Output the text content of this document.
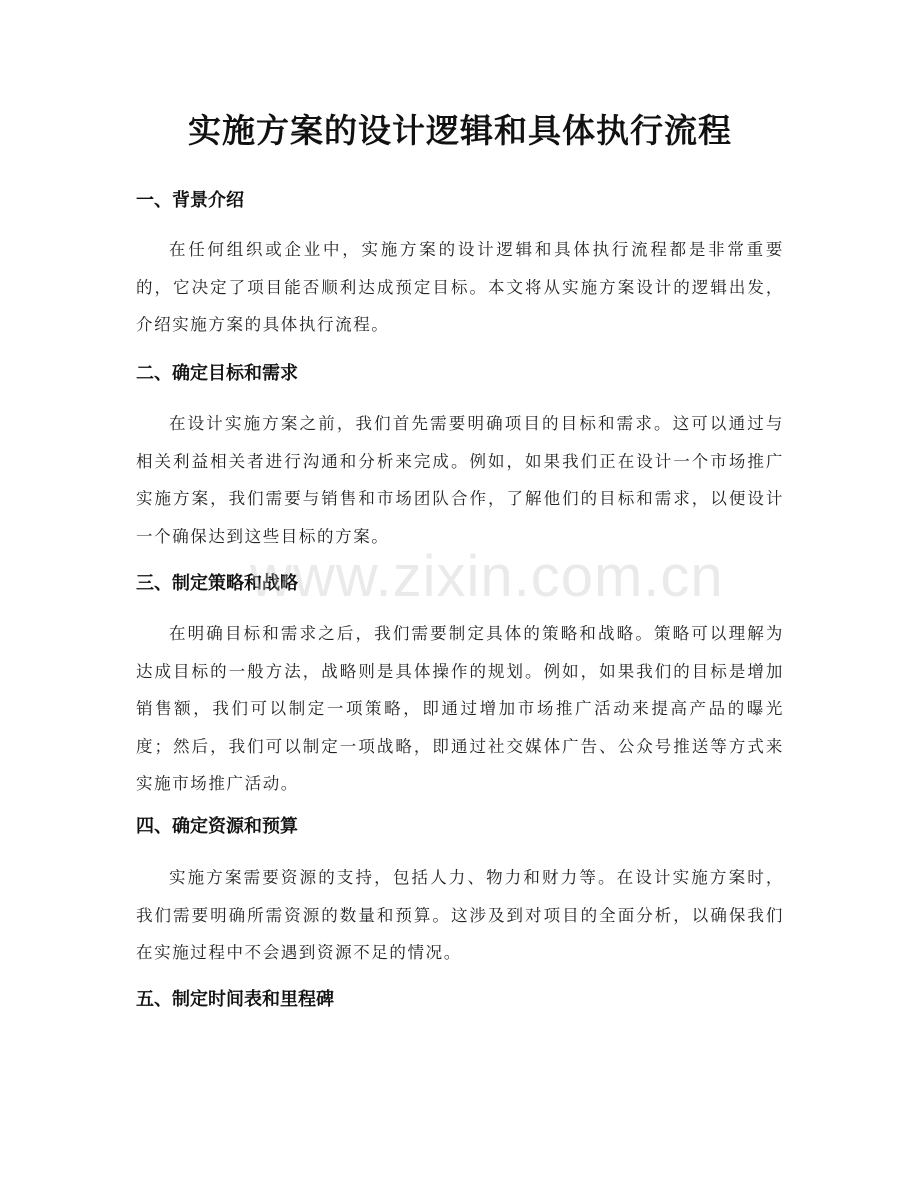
实施方案的设计逻辑和具体执行流程
一、背景介绍

在任何组织或企业中，实施方案的设计逻辑和具体执行流程都是非常重要的，它决定了项目能否顺利达成预定目标。本文将从实施方案设计的逻辑出发，介绍实施方案的具体执行流程。

二、确定目标和需求

在设计实施方案之前，我们首先需要明确项目的目标和需求。这可以通过与相关利益相关者进行沟通和分析来完成。例如，如果我们正在设计一个市场推广实施方案，我们需要与销售和市场团队合作，了解他们的目标和需求，以便设计一个确保达到这些目标的方案。

三、制定策略和战略

在明确目标和需求之后，我们需要制定具体的策略和战略。策略可以理解为达成目标的一般方法，战略则是具体操作的规划。例如，如果我们的目标是增加销售额，我们可以制定一项策略，即通过增加市场推广活动来提高产品的曝光度；然后，我们可以制定一项战略，即通过社交媒体广告、公众号推送等方式来实施市场推广活动。

四、确定资源和预算

实施方案需要资源的支持，包括人力、物力和财力等。在设计实施方案时，我们需要明确所需资源的数量和预算。这涉及到对项目的全面分析，以确保我们在实施过程中不会遇到资源不足的情况。

五、制定时间表和里程碑
www.zixin.com.cn
